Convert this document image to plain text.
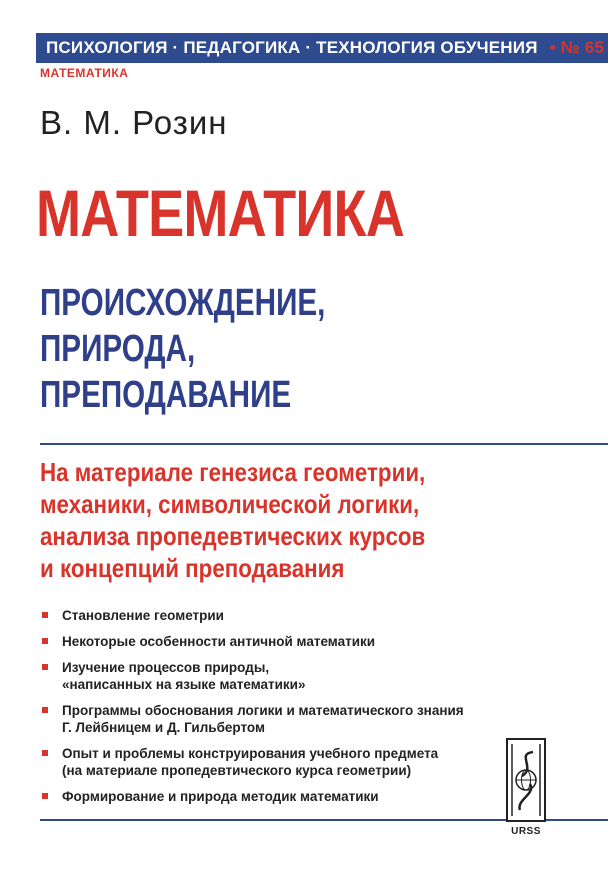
ПСИХОЛОГИЯ · ПЕДАГОГИКА · ТЕХНОЛОГИЯ ОБУЧЕНИЯ • № 65
МАТЕМАТИКА
В. М. Розин
МАТЕМАТИКА
ПРОИСХОЖДЕНИЕ,
ПРИРОДА,
ПРЕПОДАВАНИЕ
На материале генезиса геометрии,
механики, символической логики,
анализа пропедевтических курсов
и концепций преподавания
Становление геометрии
Некоторые особенности античной математики
Изучение процессов природы,
«написанных на языке математики»
Программы обоснования логики и математического знания
Г. Лейбницем и Д. Гильбертом
Опыт и проблемы конструирования учебного предмета
(на материале пропедевтического курса геометрии)
Формирование и природа методик математики
URSS
